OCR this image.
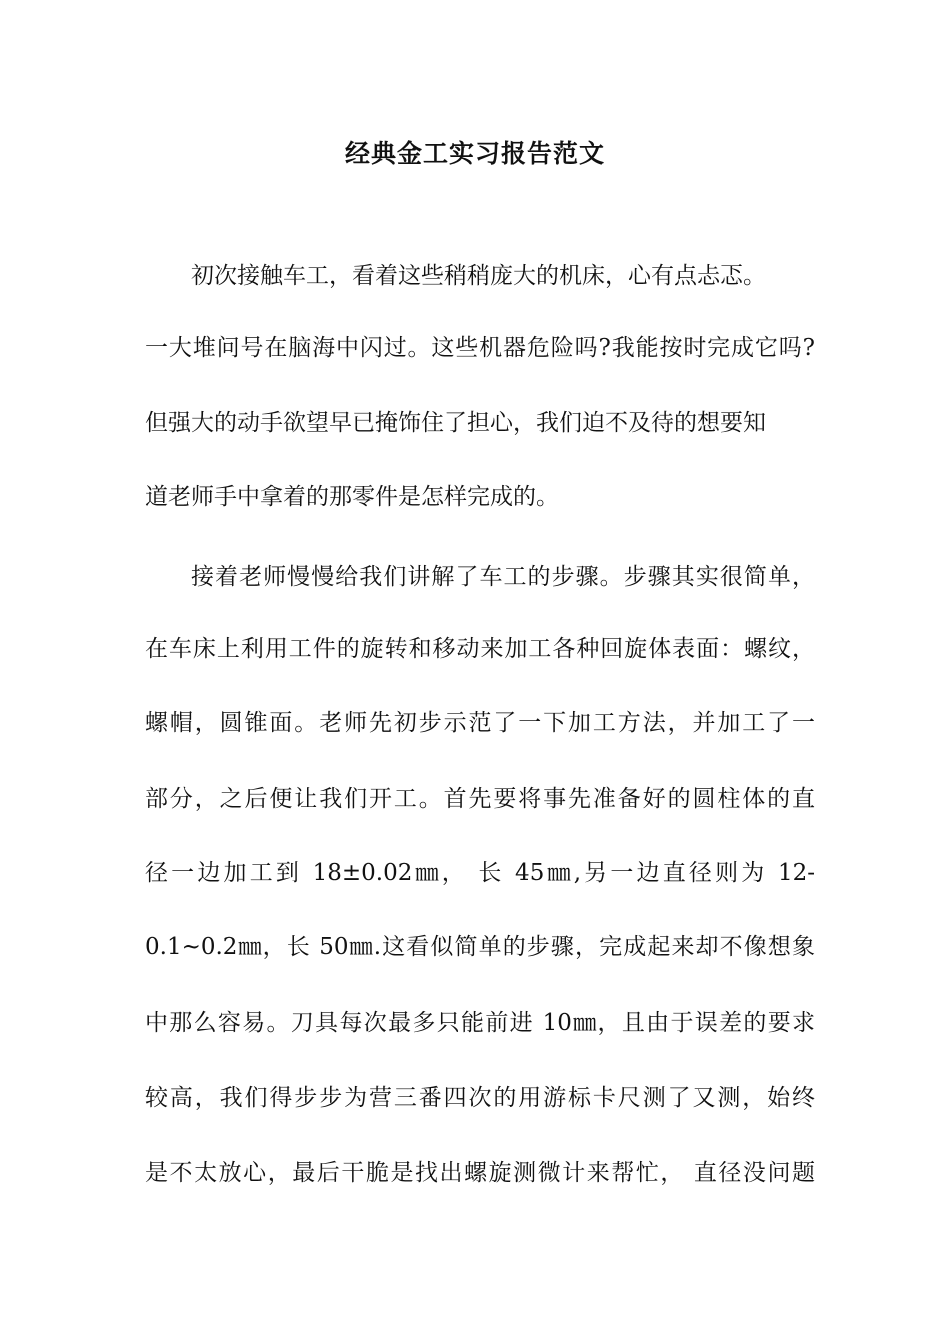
经典金工实习报告范文
初次接触车工，看着这些稍稍庞大的机床，心有点忐忑。
一大堆问号在脑海中闪过。这些机器危险吗?我能按时完成它吗?
但强大的动手欲望早已掩饰住了担心，我们迫不及待的想要知
道老师手中拿着的那零件是怎样完成的。
接着老师慢慢给我们讲解了车工的步骤。步骤其实很简单，
在车床上利用工件的旋转和移动来加工各种回旋体表面：螺纹，
螺帽，圆锥面。老师先初步示范了一下加工方法，并加工了一
部分，之后便让我们开工。首先要将事先准备好的圆柱体的直
径一边加工到 18±0.02㎜， 长 45㎜,另一边直径则为 12-
0.1~0.2㎜，长 50㎜.这看似简单的步骤，完成起来却不像想象
中那么容易。刀具每次最多只能前进 10㎜，且由于误差的要求
较高，我们得步步为营三番四次的用游标卡尺测了又测，始终
是不太放心，最后干脆是找出螺旋测微计来帮忙， 直径没问题
